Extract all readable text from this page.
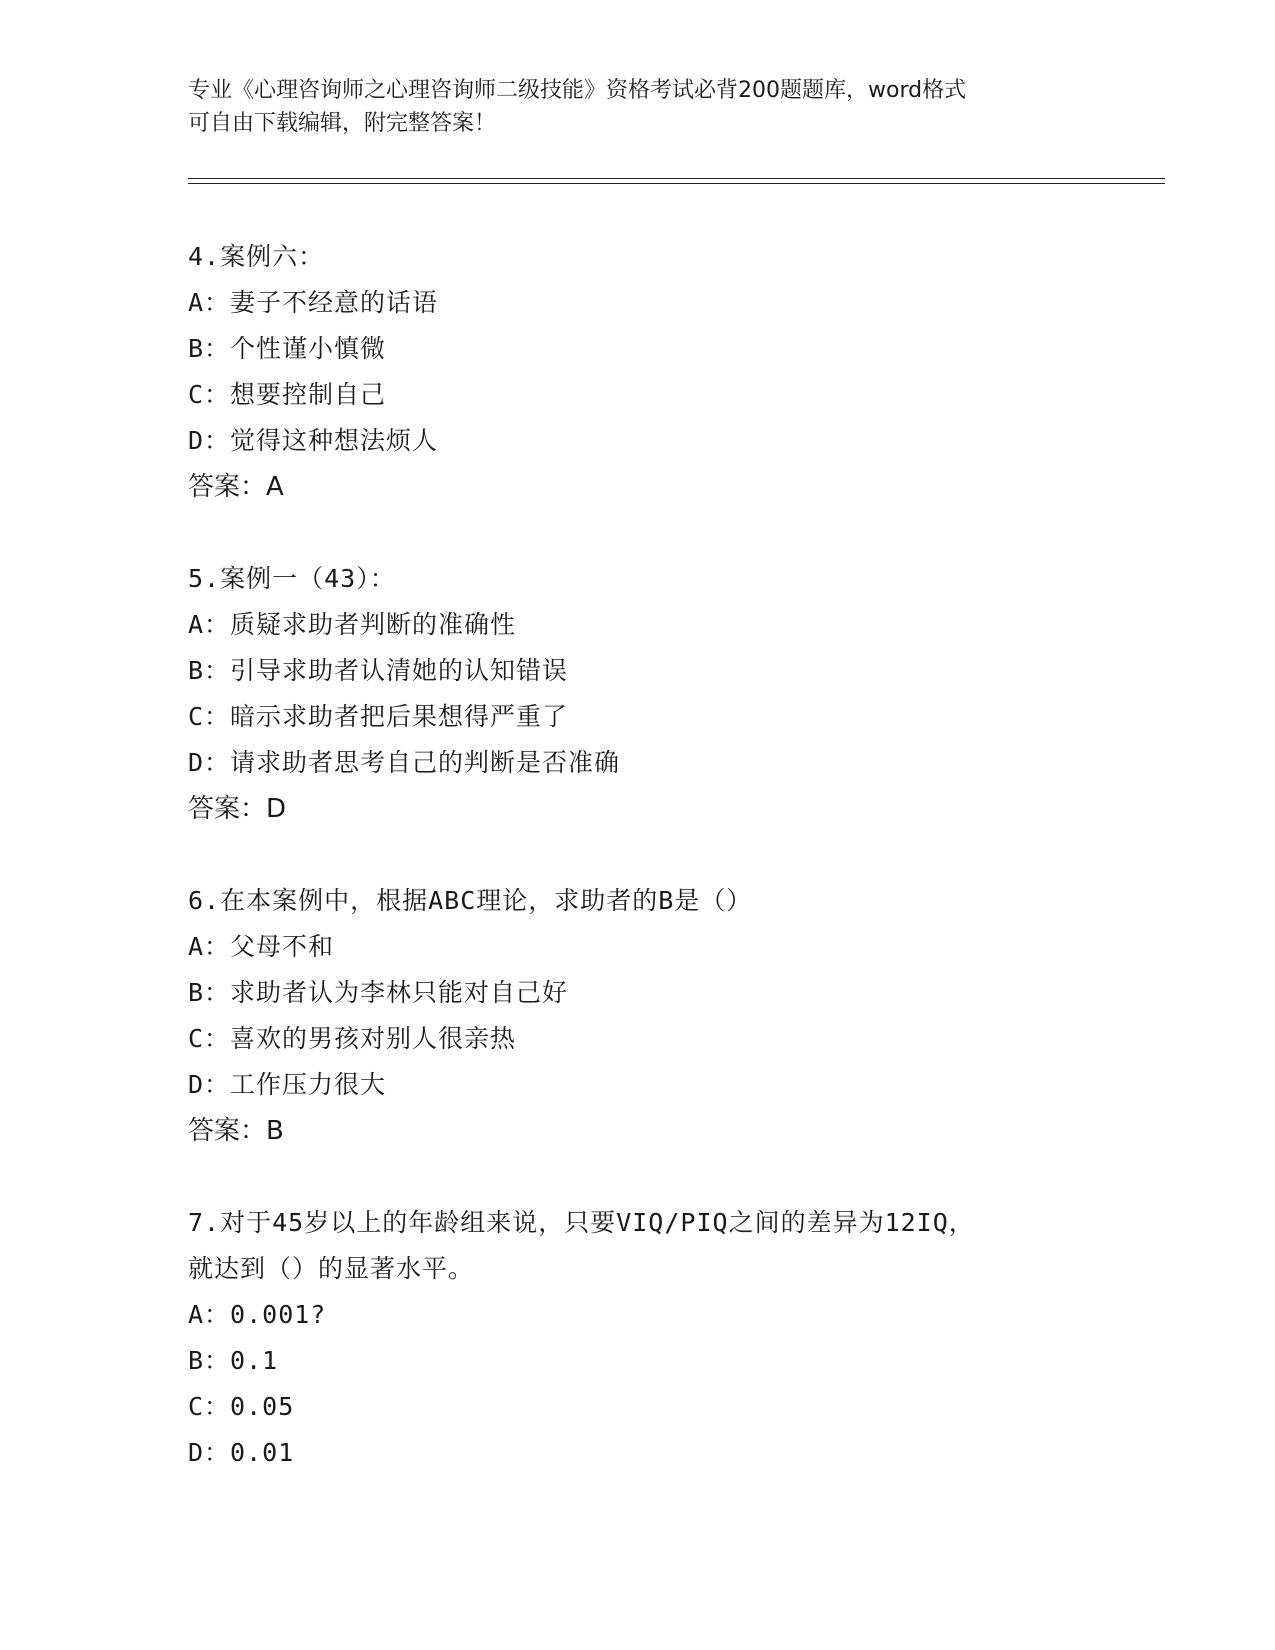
专业《心理咨询师之心理咨询师二级技能》资格考试必背200题题库，word格式
可自由下载编辑，附完整答案！
4.案例六：
A：妻子不经意的话语
B：个性谨小慎微
C：想要控制自己
D：觉得这种想法烦人
答案：A
5.案例一（43）：
A：质疑求助者判断的准确性
B：引导求助者认清她的认知错误
C：暗示求助者把后果想得严重了
D：请求助者思考自己的判断是否准确
答案：D
6.在本案例中，根据ABC理论，求助者的B是（）
A：父母不和
B：求助者认为李林只能对自己好
C：喜欢的男孩对别人很亲热
D：工作压力很大
答案：B
7.对于45岁以上的年龄组来说，只要VIQ/PIQ之间的差异为12IQ，
就达到（）的显著水平。
A：0.001?
B：0.1
C：0.05
D：0.01
